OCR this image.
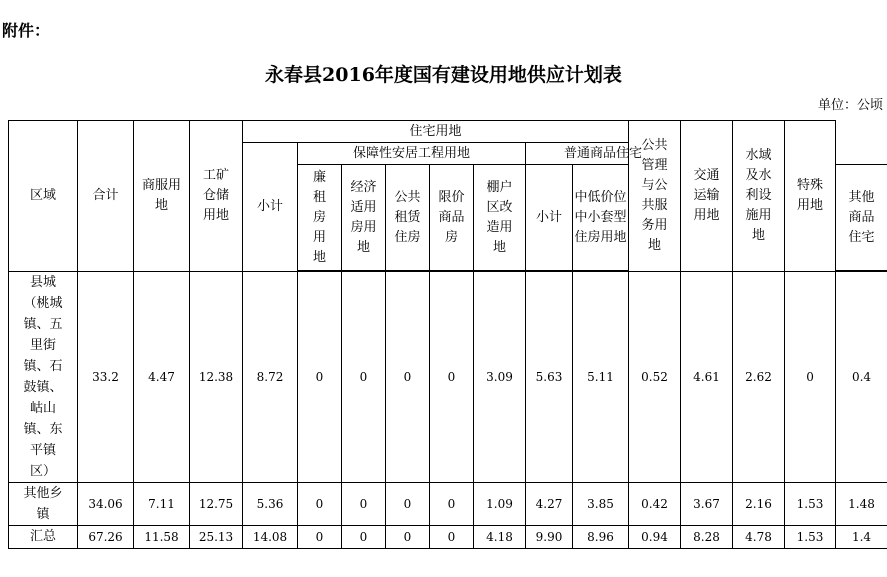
附件：
永春县2016年度国有建设用地供应计划表
单位：公顷
区域	合计	商服用地	工矿仓储用地	住宅用地								公共管理与公共服务用地	交通运输用地	水域及水利设施用地	特殊用地	
				小计	保障性安居工程用地					普通商品住宅						
					廉租房用地	经济适用房用地	公共租赁住房	限价商品房	棚户区改造用地	小计	中低价位中小套型住房用地					其他商品住宅

县城（桃城镇、五里街镇、石鼓镇、岵山镇、东平镇区）	33.2	4.47	12.38	8.72	0	0	0	0	3.09	5.63	5.11	0.52	4.61	2.62	0	0.4
其他乡镇	34.06	7.11	12.75	5.36	0	0	0	0	1.09	4.27	3.85	0.42	3.67	2.16	1.53	1.48
汇总	67.26	11.58	25.13	14.08	0	0	0	0	4.18	9.90	8.96	0.94	8.28	4.78	1.53	1.4
